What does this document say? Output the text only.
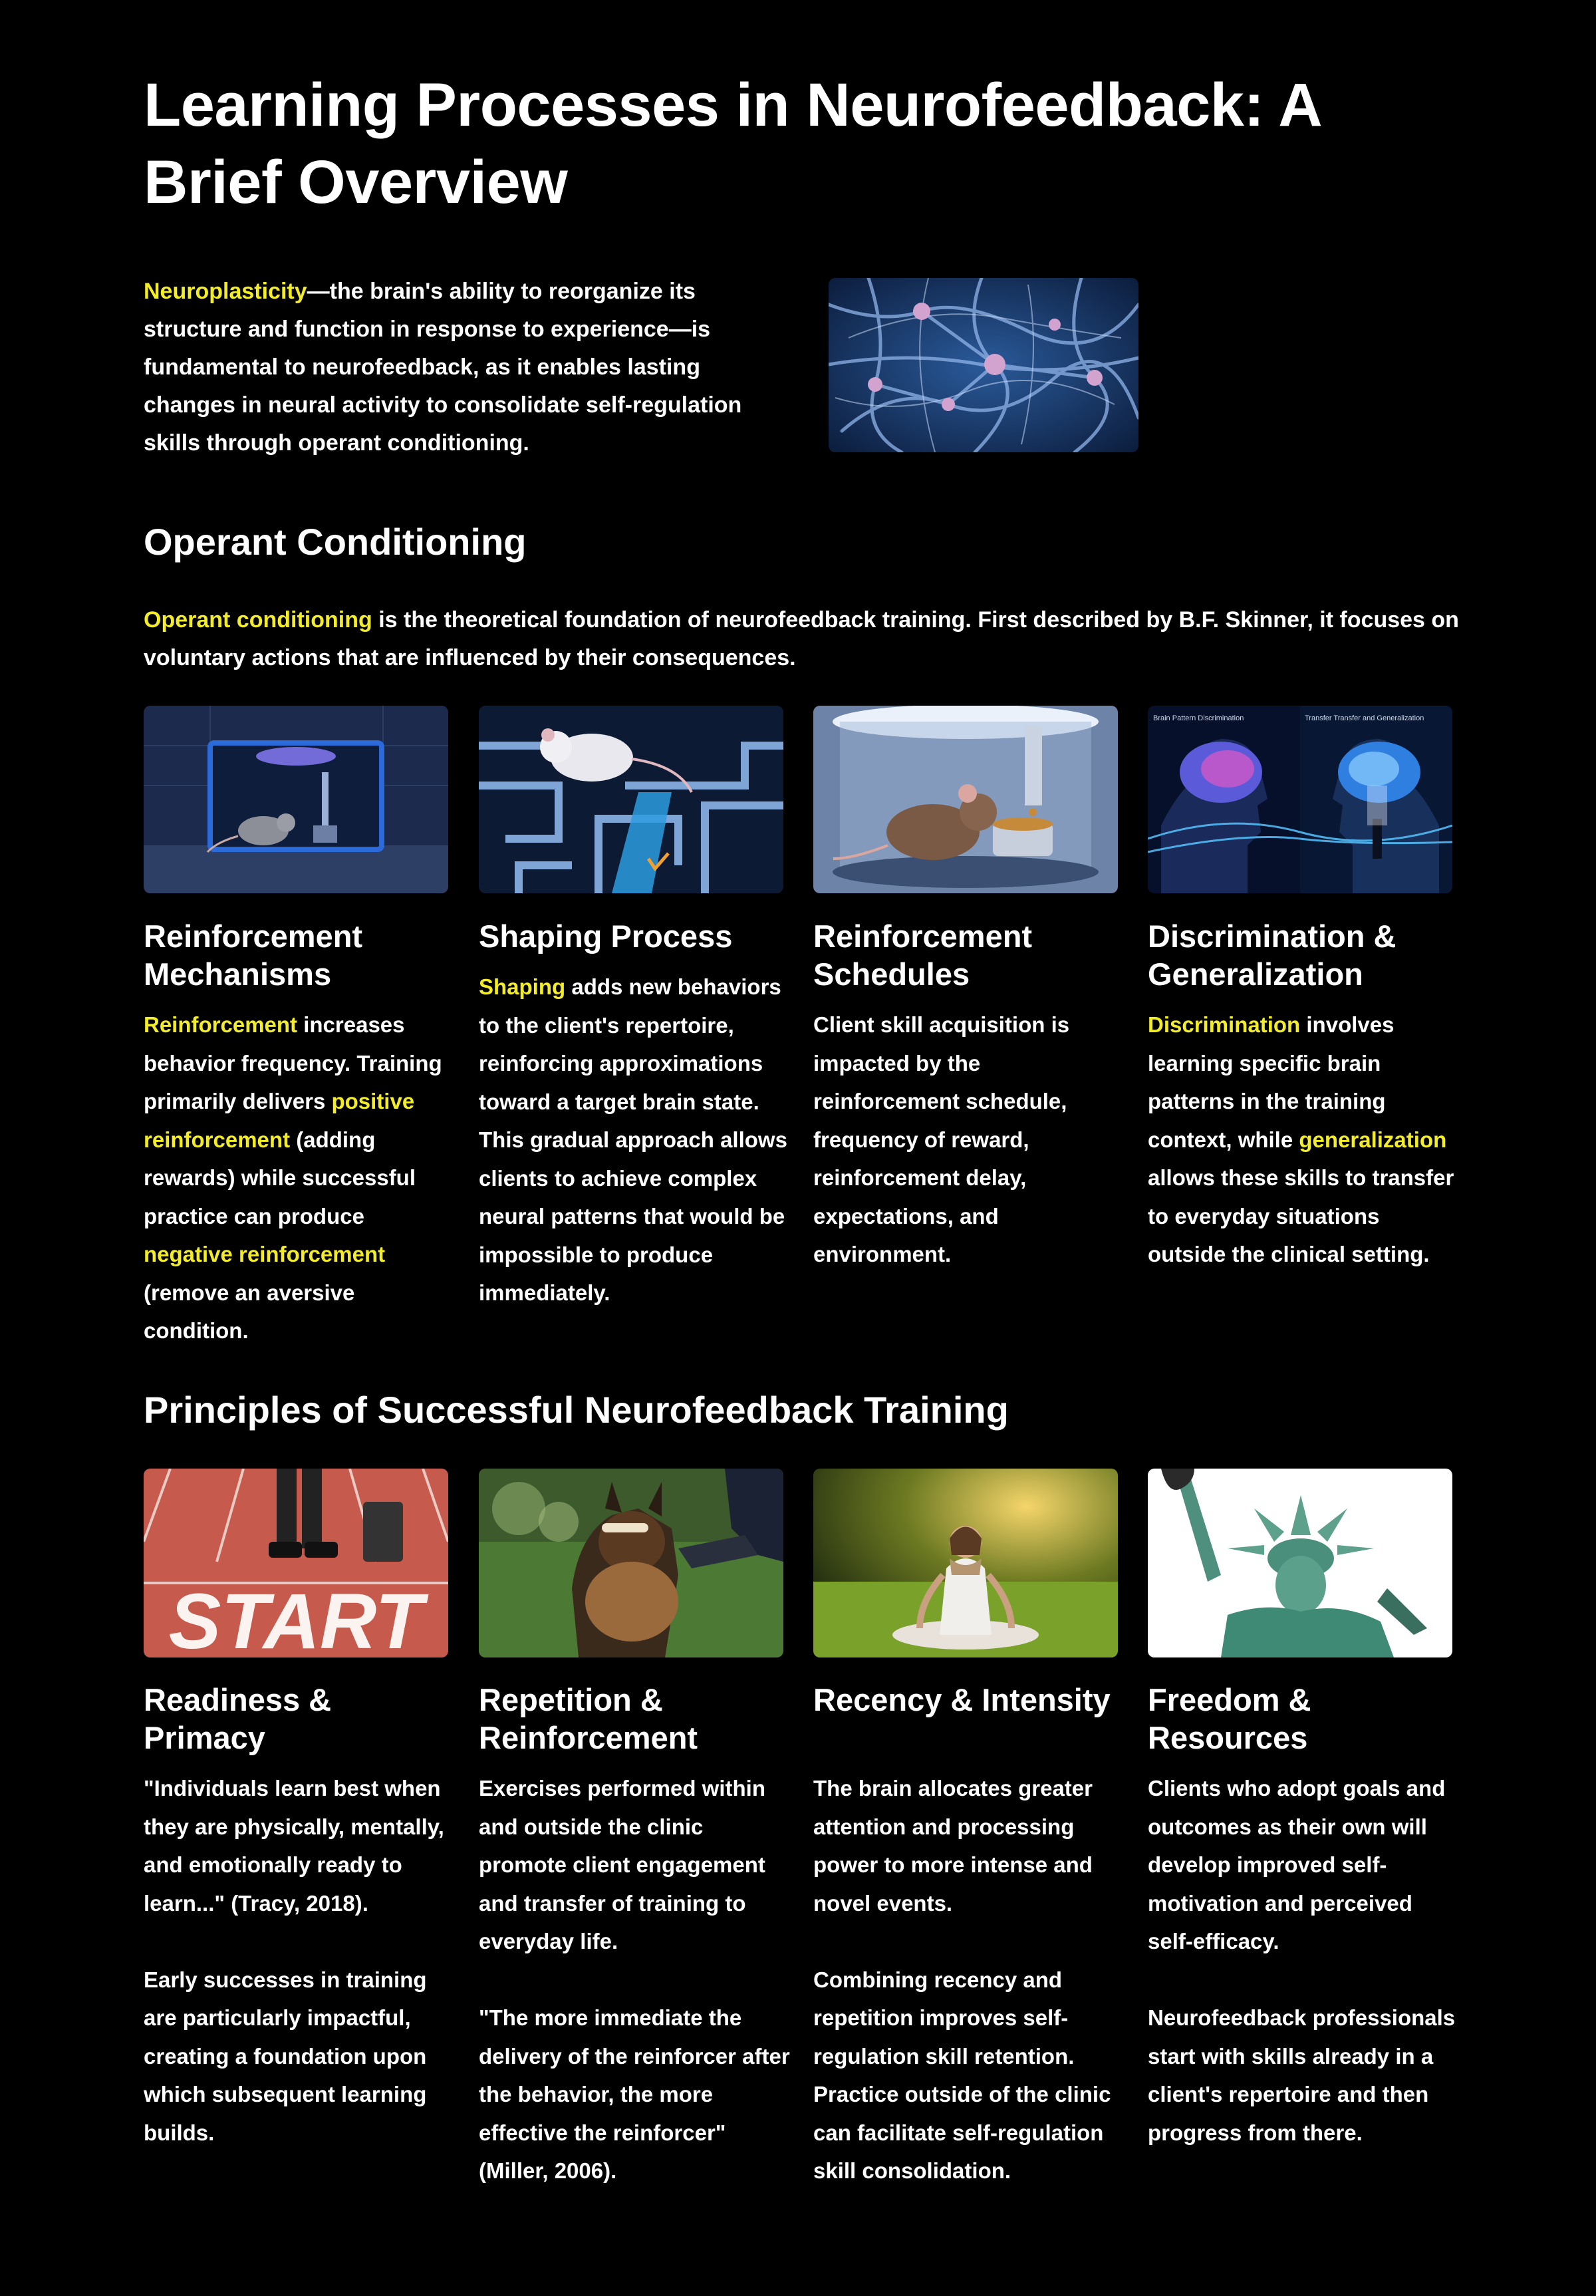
Learning Processes in Neurofeedback: A Brief Overview

Neuroplasticity—the brain's ability to reorganize its structure and function in response to experience—is fundamental to neurofeedback, as it enables lasting changes in neural activity to consolidate self-regulation skills through operant conditioning.

Operant Conditioning

Operant conditioning is the theoretical foundation of neurofeedback training. First described by B.F. Skinner, it focuses on voluntary actions that are influenced by their consequences.

Brain Pattern Discrimination	Transfer Transfer and Generalization
Reinforcement Mechanisms
Shaping Process	Reinforcement Schedules
Discrimination & Generalization
Reinforcement increases behavior frequency. Training primarily delivers positive reinforcement (adding rewards) while successful practice can produce negative reinforcement (remove an aversive condition.
Shaping adds new behaviors to the client's repertoire, reinforcing approximations toward a target brain state. This gradual approach allows clients to achieve complex neural patterns that would be impossible to produce immediately.
Client skill acquisition is impacted by the reinforcement schedule, frequency of reward, reinforcement delay, expectations, and environment.
Discrimination involves learning specific brain patterns in the training context, while generalization allows these skills to transfer to everyday situations outside the clinical setting.
Principles of Successful Neurofeedback Training
START
Readiness & Primacy
Repetition & Reinforcement
Recency & Intensity	Freedom & Resources

"Individuals learn best when they are physically, mentally, and emotionally ready to learn..." (Tracy, 2018).

Early successes in training are particularly impactful, creating a foundation upon which subsequent learning builds.

Exercises performed within and outside the clinic promote client engagement and transfer of training to everyday life.

"The more immediate the delivery of the reinforcer after the behavior, the more effective the reinforcer" (Miller, 2006).

The brain allocates greater attention and processing power to more intense and novel events.

Combining recency and repetition improves self-regulation skill retention. Practice outside of the clinic can facilitate self-regulation skill consolidation.

Clients who adopt goals and outcomes as their own will develop improved self-motivation and perceived self-efficacy.

Neurofeedback professionals start with skills already in a client's repertoire and then progress from there.
